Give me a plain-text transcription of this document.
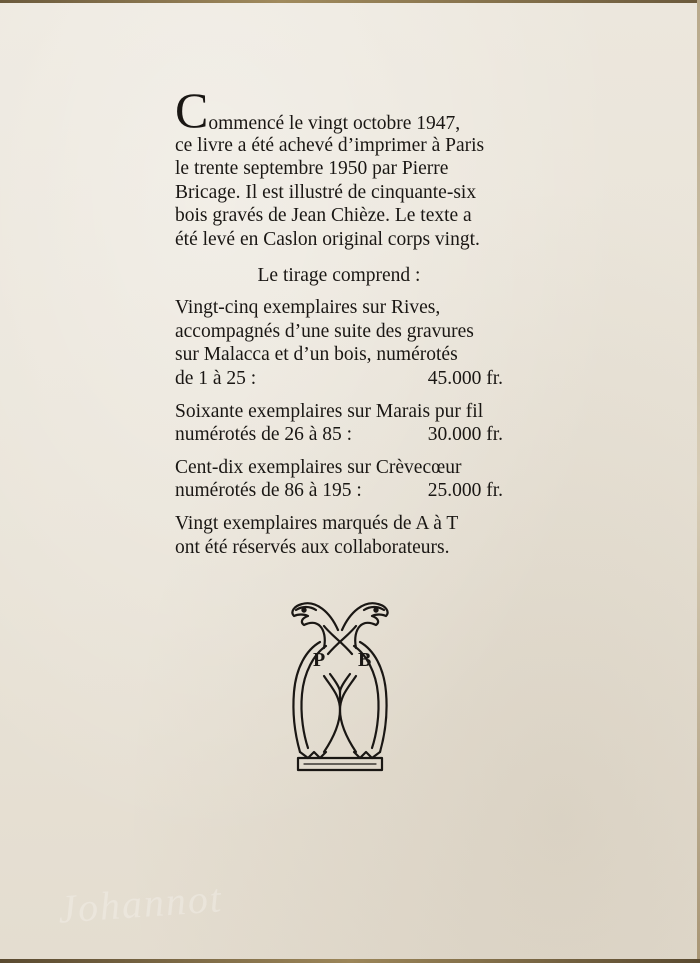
C ommencé le vingt octobre 1947,
ce livre a été achevé d’imprimer à Paris
le trente septembre 1950 par Pierre
Bricage. Il est illustré de cinquante-six
bois gravés de Jean Chièze. Le texte a
été levé en Caslon original corps vingt.
Le tirage comprend :
Vingt-cinq exemplaires sur Rives,
accompagnés d’une suite des gravures
sur Malacca et d’un bois, numérotés
de 1 à 25 :	45.000 fr.
Soixante exemplaires sur Marais pur fil
numérotés de 26 à 85 :	30.000 fr.
Cent-dix exemplaires sur Crèvecœur
numérotés de 86 à 195 :	25.000 fr.
Vingt exemplaires marqués de A à T
ont été réservés aux collaborateurs.
P B
Johannot
